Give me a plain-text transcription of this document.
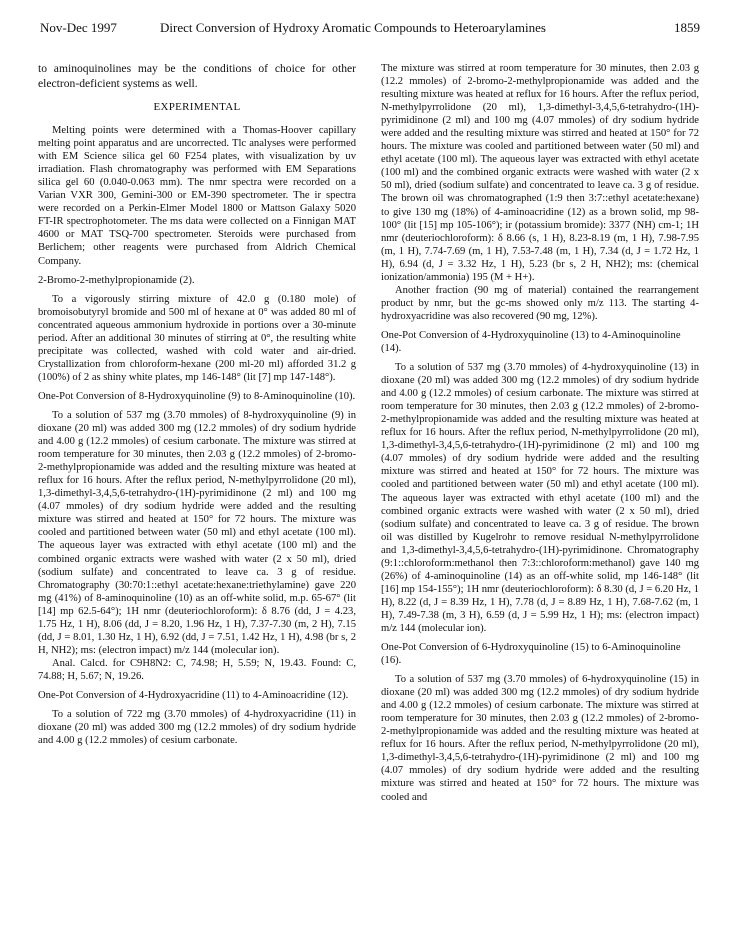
Nov-Dec 1997	Direct Conversion of Hydroxy Aromatic Compounds to Heteroarylamines	1859

to aminoquinolines may be the conditions of choice for other electron-deficient systems as well.

EXPERIMENTAL

Melting points were determined with a Thomas-Hoover capillary melting point apparatus and are uncorrected. Tlc analyses were performed with EM Science silica gel 60 F254 plates, with visualization by uv irradiation. Flash chromatography was performed with EM Separations silica gel 60 (0.040-0.063 mm). The nmr spectra were recorded on a Varian VXR 300, Gemini-300 or EM-390 spectrometer. The ir spectra were recorded on a Perkin-Elmer Model 1800 or Mattson Galaxy 5020 FT-IR spectrophotometer. The ms data were collected on a Finnigan MAT 4600 or MAT TSQ-700 spectrometer. Steroids were purchased from Berlichem; other reagents were purchased from Aldrich Chemical Company.

2-Bromo-2-methylpropionamide (2).

To a vigorously stirring mixture of 42.0 g (0.180 mole) of bromoisobutyryl bromide and 500 ml of hexane at 0° was added 80 ml of concentrated aqueous ammonium hydroxide in portions over a 30-minute period. After an additional 30 minutes of stirring at 0°, the resulting white precipitate was collected, washed with cold water and air-dried. Crystallization from chloroform-hexane (200 ml-20 ml) afforded 31.2 g (100%) of 2 as shiny white plates, mp 146-148° (lit [7] mp 147-148°).

One-Pot Conversion of 8-Hydroxyquinoline (9) to 8-Aminoquinoline (10).

To a solution of 537 mg (3.70 mmoles) of 8-hydroxyquinoline (9) in dioxane (20 ml) was added 300 mg (12.2 mmoles) of dry sodium hydride and 4.00 g (12.2 mmoles) of cesium carbonate. The mixture was stirred at room temperature for 30 minutes, then 2.03 g (12.2 mmoles) of 2-bromo-2-methylpropionamide was added and the resulting mixture was heated at reflux for 16 hours. After the reflux period, N-methylpyrrolidone (20 ml), 1,3-dimethyl-3,4,5,6-tetrahydro-(1H)-pyrimidinone (2 ml) and 100 mg (4.07 mmoles) of dry sodium hydride were added and the resulting mixture was stirred and heated at 150° for 72 hours. The mixture was cooled and partitioned between water (50 ml) and ethyl acetate (100 ml). The aqueous layer was extracted with ethyl acetate (100 ml) and the combined organic extracts were washed with water (2 x 50 ml), dried (sodium sulfate) and concentrated to leave ca. 3 g of residue. Chromatography (30:70:1::ethyl acetate:hexane:triethylamine) gave 220 mg (41%) of 8-aminoquinoline (10) as an off-white solid, m.p. 65-67° (lit [14] mp 62.5-64°); 1H nmr (deuteriochloroform): δ 8.76 (dd, J = 4.23, 1.75 Hz, 1 H), 8.06 (dd, J = 8.20, 1.96 Hz, 1 H), 7.37-7.30 (m, 2 H), 7.15 (dd, J = 8.01, 1.30 Hz, 1 H), 6.92 (dd, J = 7.51, 1.42 Hz, 1 H), 4.98 (br s, 2 H, NH2); ms: (electron impact) m/z 144 (molecular ion).

Anal. Calcd. for C9H8N2: C, 74.98; H, 5.59; N, 19.43. Found: C, 74.88; H, 5.67; N, 19.26.

One-Pot Conversion of 4-Hydroxyacridine (11) to 4-Aminoacridine (12).

To a solution of 722 mg (3.70 mmoles) of 4-hydroxyacridine (11) in dioxane (20 ml) was added 300 mg (12.2 mmoles) of dry sodium hydride and 4.00 g (12.2 mmoles) of cesium carbonate.

The mixture was stirred at room temperature for 30 minutes, then 2.03 g (12.2 mmoles) of 2-bromo-2-methylpropionamide was added and the resulting mixture was heated at reflux for 16 hours. After the reflux period, N-methylpyrrolidone (20 ml), 1,3-dimethyl-3,4,5,6-tetrahydro-(1H)-pyrimidinone (2 ml) and 100 mg (4.07 mmoles) of dry sodium hydride were added and the resulting mixture was stirred and heated at 150° for 72 hours. The mixture was cooled and partitioned between water (50 ml) and ethyl acetate (100 ml). The aqueous layer was extracted with ethyl acetate (100 ml) and the combined organic extracts were washed with water (2 x 50 ml), dried (sodium sulfate) and concentrated to leave ca. 3 g of residue. The brown oil was chromatographed (1:9 then 3:7::ethyl acetate:hexane) to give 130 mg (18%) of 4-aminoacridine (12) as a brown solid, mp 98-100° (lit [15] mp 105-106°); ir (potassium bromide): 3377 (NH) cm-1; 1H nmr (deuteriochloroform): δ 8.66 (s, 1 H), 8.23-8.19 (m, 1 H), 7.98-7.95 (m, 1 H), 7.74-7.69 (m, 1 H), 7.53-7.48 (m, 1 H), 7.34 (d, J = 1.72 Hz, 1 H), 6.94 (d, J = 3.32 Hz, 1 H), 5.23 (br s, 2 H, NH2); ms: (chemical ionization/ammonia) 195 (M + H+).

Another fraction (90 mg of material) contained the rearrangement product by nmr, but the gc-ms showed only m/z 113. The starting 4-hydroxyacridine was also recovered (90 mg, 12%).

One-Pot Conversion of 4-Hydroxyquinoline (13) to 4-Aminoquinoline (14).

To a solution of 537 mg (3.70 mmoles) of 4-hydroxyquinoline (13) in dioxane (20 ml) was added 300 mg (12.2 mmoles) of dry sodium hydride and 4.00 g (12.2 mmoles) of cesium carbonate. The mixture was stirred at room temperature for 30 minutes, then 2.03 g (12.2 mmoles) of 2-bromo-2-methylpropionamide was added and the resulting mixture was heated at reflux for 16 hours. After the reflux period, N-methylpyrrolidone (20 ml), 1,3-dimethyl-3,4,5,6-tetrahydro-(1H)-pyrimidinone (2 ml) and 100 mg (4.07 mmoles) of dry sodium hydride were added and the resulting mixture was stirred and heated at 150° for 72 hours. The mixture was cooled and partitioned between water (50 ml) and ethyl acetate (100 ml). The aqueous layer was extracted with ethyl acetate (100 ml) and the combined organic extracts were washed with water (2 x 50 ml), dried (sodium sulfate) and concentrated to leave ca. 3 g of residue. The brown oil was distilled by Kugelrohr to remove residual N-methylpyrrolidone and 1,3-dimethyl-3,4,5,6-tetrahydro-(1H)-pyrimidinone. Chromatography (9:1::chloroform:methanol then 7:3::chloroform:methanol) gave 140 mg (26%) of 4-aminoquinoline (14) as an off-white solid, mp 146-148° (lit [16] mp 154-155°); 1H nmr (deuteriochloroform): δ 8.30 (d, J = 6.20 Hz, 1 H), 8.22 (d, J = 8.39 Hz, 1 H), 7.78 (d, J = 8.89 Hz, 1 H), 7.68-7.62 (m, 1 H), 7.49-7.38 (m, 3 H), 6.59 (d, J = 5.99 Hz, 1 H); ms: (electron impact) m/z 144 (molecular ion).

One-Pot Conversion of 6-Hydroxyquinoline (15) to 6-Aminoquinoline (16).

To a solution of 537 mg (3.70 mmoles) of 6-hydroxyquinoline (15) in dioxane (20 ml) was added 300 mg (12.2 mmoles) of dry sodium hydride and 4.00 g (12.2 mmoles) of cesium carbonate. The mixture was stirred at room temperature for 30 minutes, then 2.03 g (12.2 mmoles) of 2-bromo-2-methylpropionamide was added and the resulting mixture was heated at reflux for 16 hours. After the reflux period, N-methylpyrrolidone (20 ml), 1,3-dimethyl-3,4,5,6-tetrahydro-(1H)-pyrimidinone (2 ml) and 100 mg (4.07 mmoles) of dry sodium hydride were added and the resulting mixture was stirred and heated at 150° for 72 hours. The mixture was cooled and
